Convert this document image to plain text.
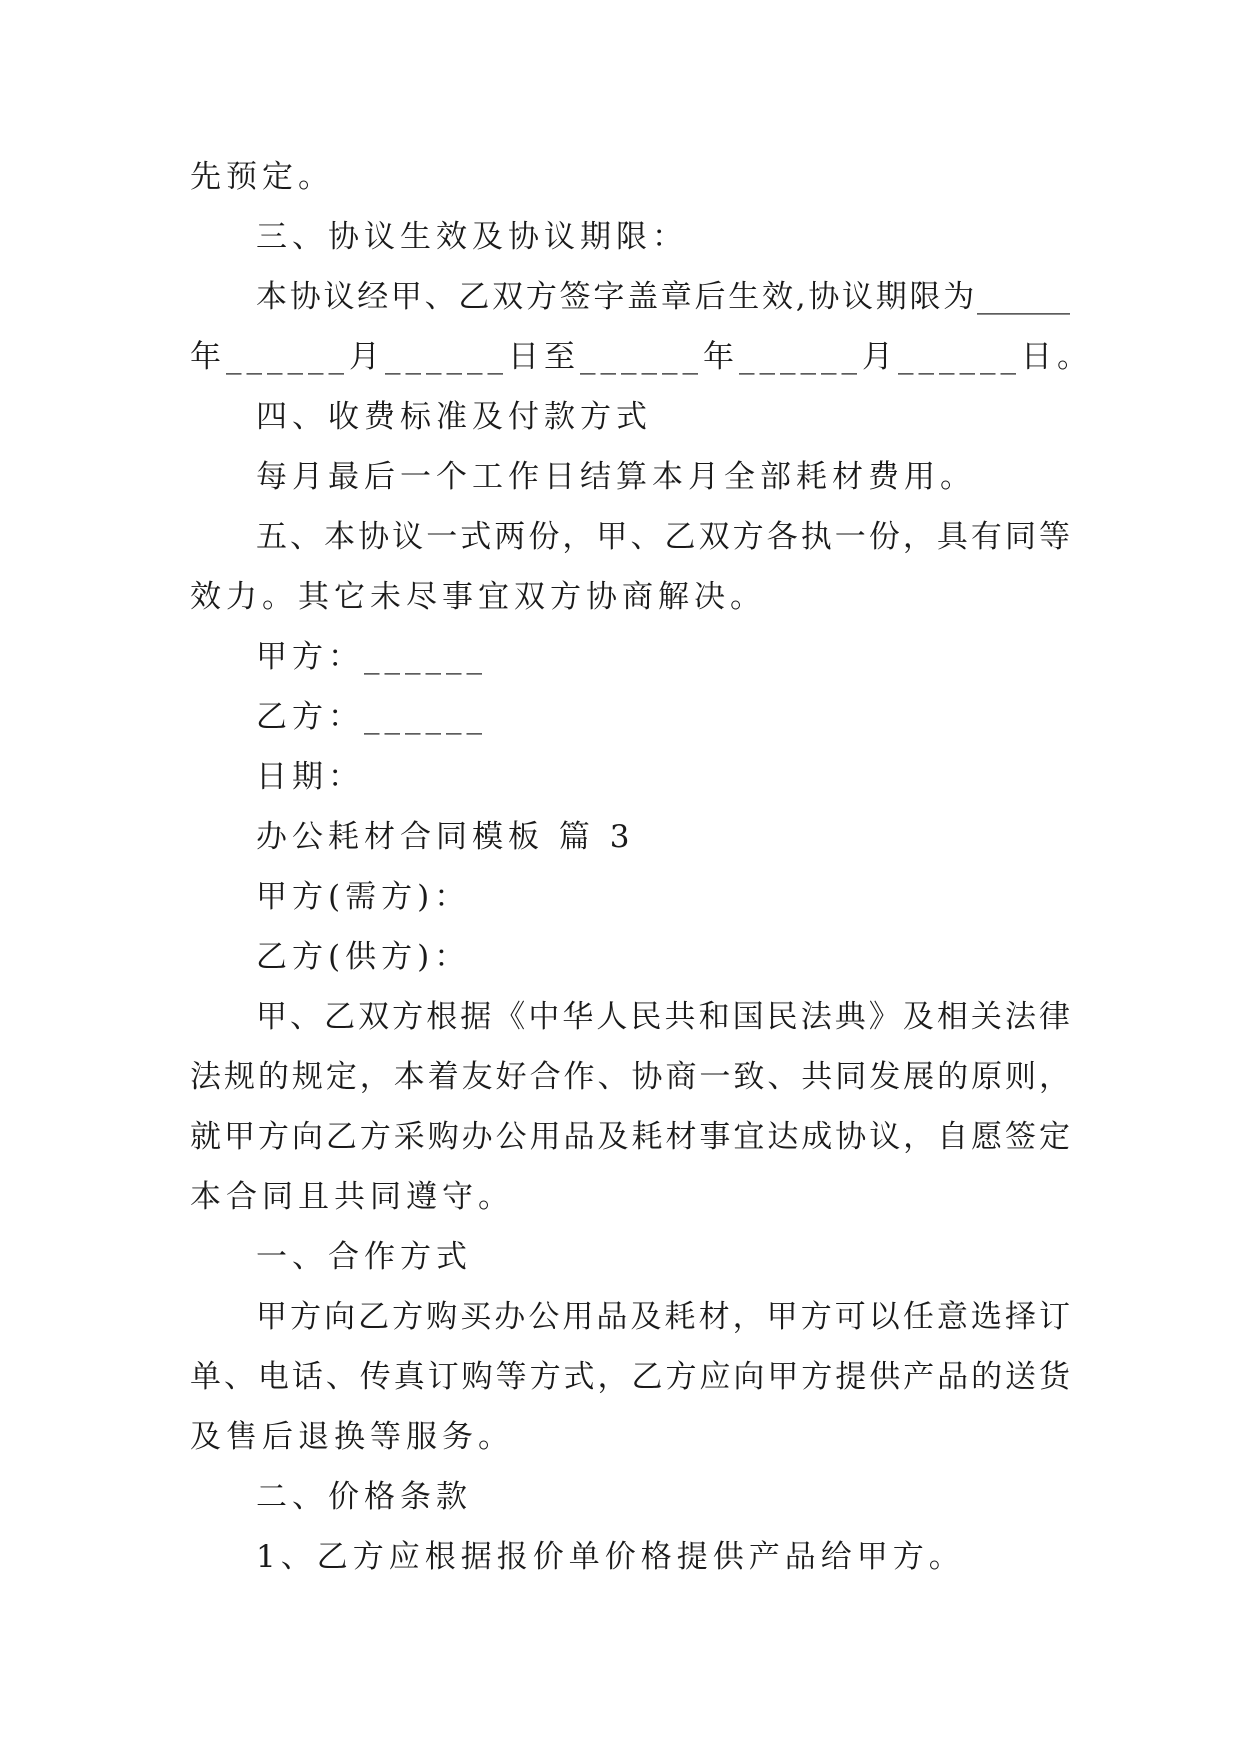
先预定。
三、协议生效及协议期限：
本协议经甲、乙双方签字盖章后生效,协议期限为______
年______月______日至______年______月______日。
四、收费标准及付款方式
每月最后一个工作日结算本月全部耗材费用。
五、本协议一式两份，甲、乙双方各执一份，具有同等
效力。其它未尽事宜双方协商解决。
甲方：______
乙方：______
日期：
办公耗材合同模板 篇 3
甲方(需方)：
乙方(供方)：
甲、乙双方根据《中华人民共和国民法典》及相关法律
法规的规定，本着友好合作、协商一致、共同发展的原则，
就甲方向乙方采购办公用品及耗材事宜达成协议，自愿签定
本合同且共同遵守。
一、合作方式
甲方向乙方购买办公用品及耗材，甲方可以任意选择订
单、电话、传真订购等方式，乙方应向甲方提供产品的送货
及售后退换等服务。
二、价格条款
1、乙方应根据报价单价格提供产品给甲方。
